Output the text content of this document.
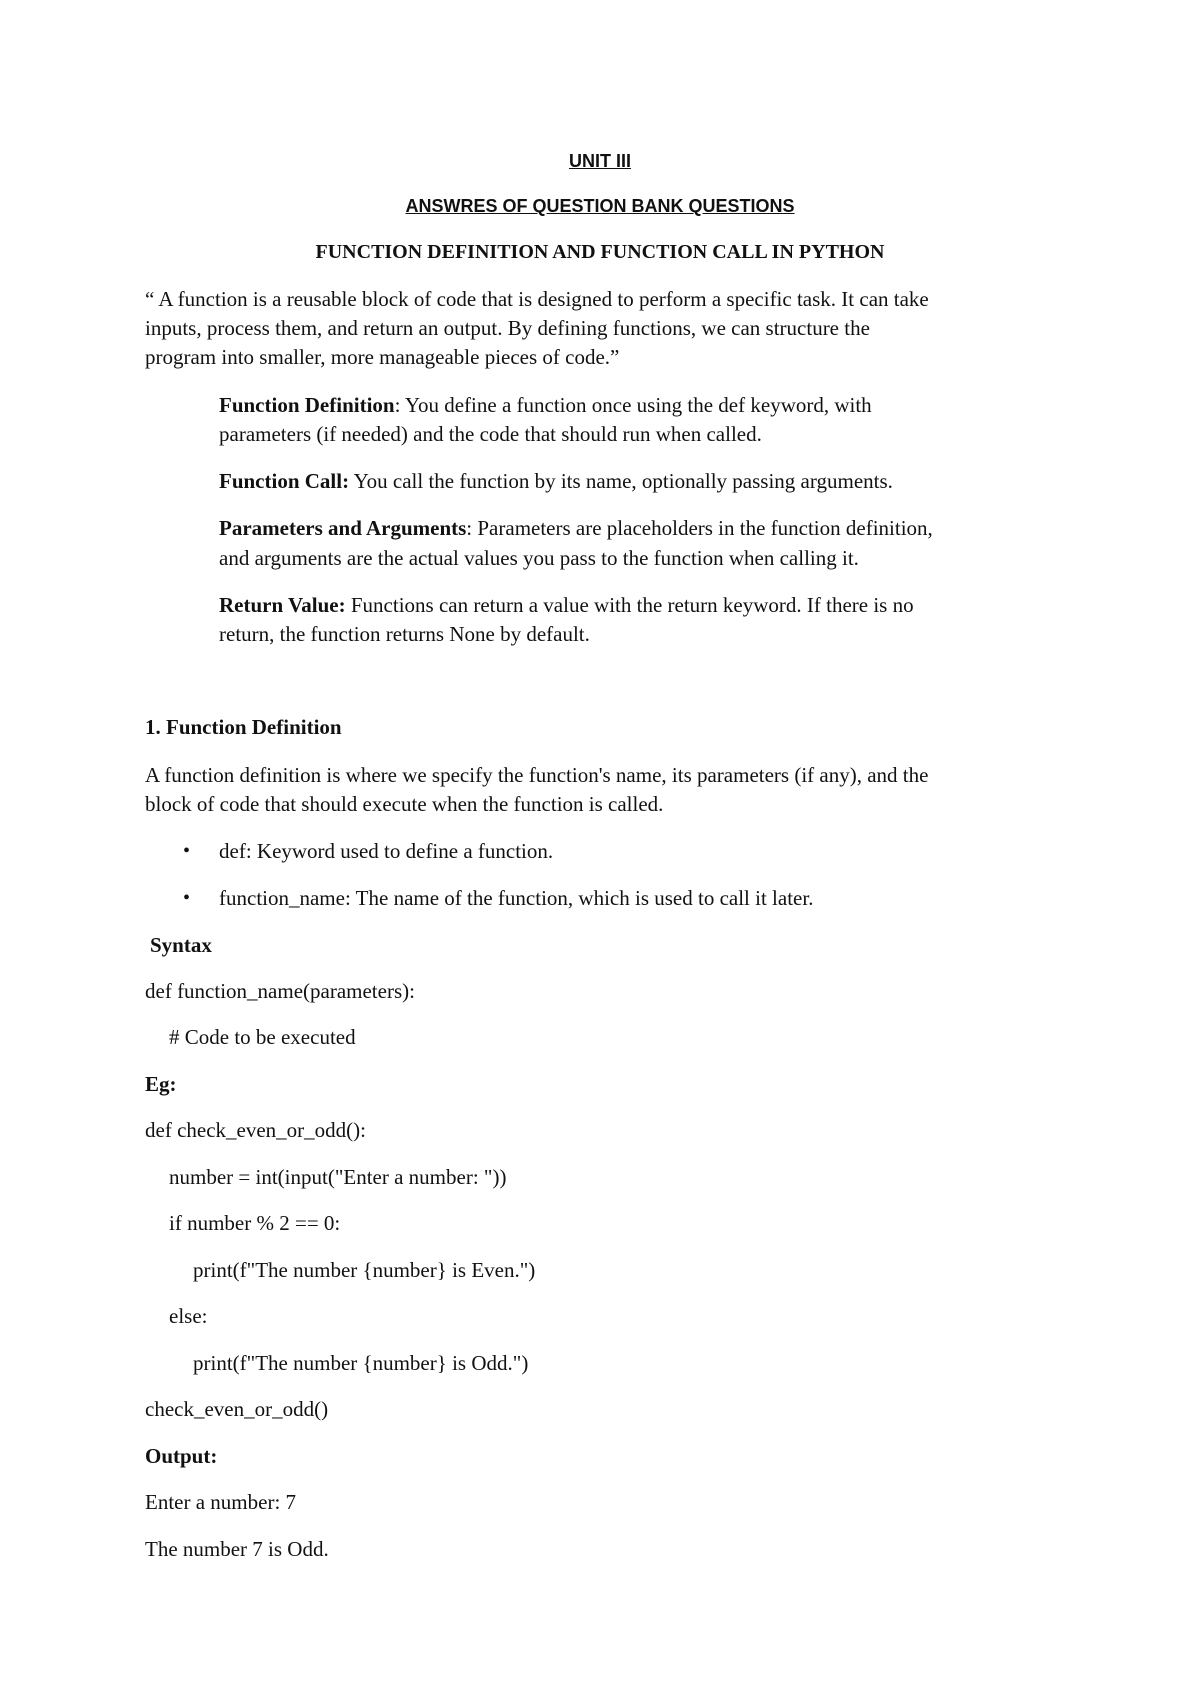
UNIT III
ANSWRES OF QUESTION BANK QUESTIONS
FUNCTION DEFINITION AND FUNCTION CALL IN PYTHON
“ A function is a reusable block of code that is designed to perform a specific task. It can take
inputs, process them, and return an output. By defining functions, we can structure the
program into smaller, more manageable pieces of code.”
Function Definition: You define a function once using the def keyword, with
parameters (if needed) and the code that should run when called.
Function Call: You call the function by its name, optionally passing arguments.
Parameters and Arguments: Parameters are placeholders in the function definition,
and arguments are the actual values you pass to the function when calling it.
Return Value: Functions can return a value with the return keyword. If there is no
return, the function returns None by default.
1. Function Definition
A function definition is where we specify the function's name, its parameters (if any), and the
block of code that should execute when the function is called.
• def: Keyword used to define a function.
• function_name: The name of the function, which is used to call it later.
Syntax
def function_name(parameters):
# Code to be executed
Eg:
def check_even_or_odd():
number = int(input("Enter a number: "))
if number % 2 == 0:
print(f"The number {number} is Even.")
else:
print(f"The number {number} is Odd.")
check_even_or_odd()
Output:
Enter a number: 7
The number 7 is Odd.
